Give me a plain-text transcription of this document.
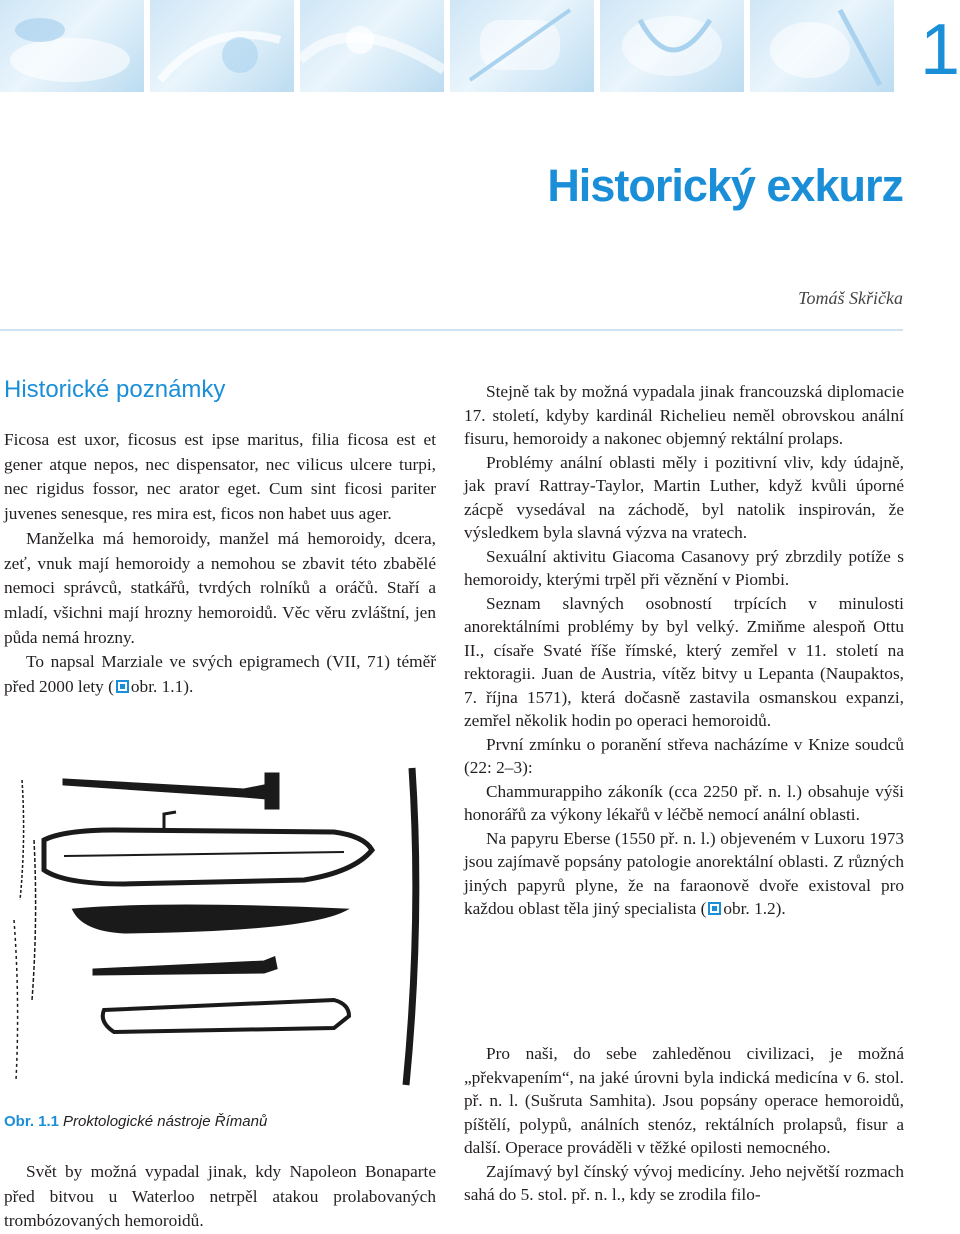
1
Historický exkurz
Tomáš Skřička
Historické poznámky

Ficosa est uxor, ficosus est ipse maritus, filia ficosa est et gener atque nepos, nec dispensator, nec vilicus ulcere turpi, nec rigidus fossor, nec arator eget. Cum sint ficosi pariter juvenes senesque, res mira est, ficos non habet uus ager.

Manželka má hemoroidy, manžel má hemoroidy, dcera, zeť, vnuk mají hemoroidy a nemohou se zbavit této zbabělé nemoci správců, statkářů, tvrdých rolníků a oráčů. Staří a mladí, všichni mají hrozny hemoroidů. Věc věru zvláštní, jen půda nemá hrozny.

To napsal Marziale ve svých epigramech (VII, 71) téměř před 2000 lety ( obr. 1.1).

Obr. 1.1 Proktologické nástroje Římanů

Svět by možná vypadal jinak, kdy Napoleon Bonaparte před bitvou u Waterloo netrpěl atakou prolabovaných trombózovaných hemoroidů.

Stejně tak by možná vypadala jinak francouzská diplomacie 17. století, kdyby kardinál Richelieu neměl obrovskou anální fisuru, hemoroidy a nakonec objemný rektální prolaps.

Problémy anální oblasti měly i pozitivní vliv, kdy údajně, jak praví Rattray-Taylor, Martin Luther, když kvůli úporné zácpě vysedával na záchodě, byl natolik inspirován, že výsledkem byla slavná výzva na vratech.

Sexuální aktivitu Giacoma Casanovy prý zbrzdily potíže s hemoroidy, kterými trpěl při věznění v Piombi.

Seznam slavných osobností trpících v minulosti anorektálními problémy by byl velký. Zmiňme alespoň Ottu II., císaře Svaté říše římské, který zemřel v 11. století na rektoragii. Juan de Austria, vítěz bitvy u Lepanta (Naupaktos, 7. října 1571), která dočasně zastavila osmanskou expanzi, zemřel několik hodin po operaci hemoroidů.

První zmínku o poranění střeva nacházíme v Knize soudců (22: 2–3):

Chammurappiho zákoník (cca 2250 př. n. l.) obsahuje výši honorářů za výkony lékařů v léčbě nemocí anální oblasti.

Na papyru Eberse (1550 př. n. l.) objeveném v Luxoru 1973 jsou zajímavě popsány patologie anorektální oblasti. Z různých jiných papyrů plyne, že na faraonově dvoře existoval pro každou oblast těla jiný specialista ( obr. 1.2).

Pro naši, do sebe zahleděnou civilizaci, je možná „překvapením“, na jaké úrovni byla indická medicína v 6. stol. př. n. l. (Sušruta Samhita). Jsou popsány operace hemoroidů, píštělí, polypů, análních stenóz, rektálních prolapsů, fisur a další. Operace prováděli v těžké opilosti nemocného.

Zajímavý byl čínský vývoj medicíny. Jeho největší rozmach sahá do 5. stol. př. n. l., kdy se zrodila filo-
